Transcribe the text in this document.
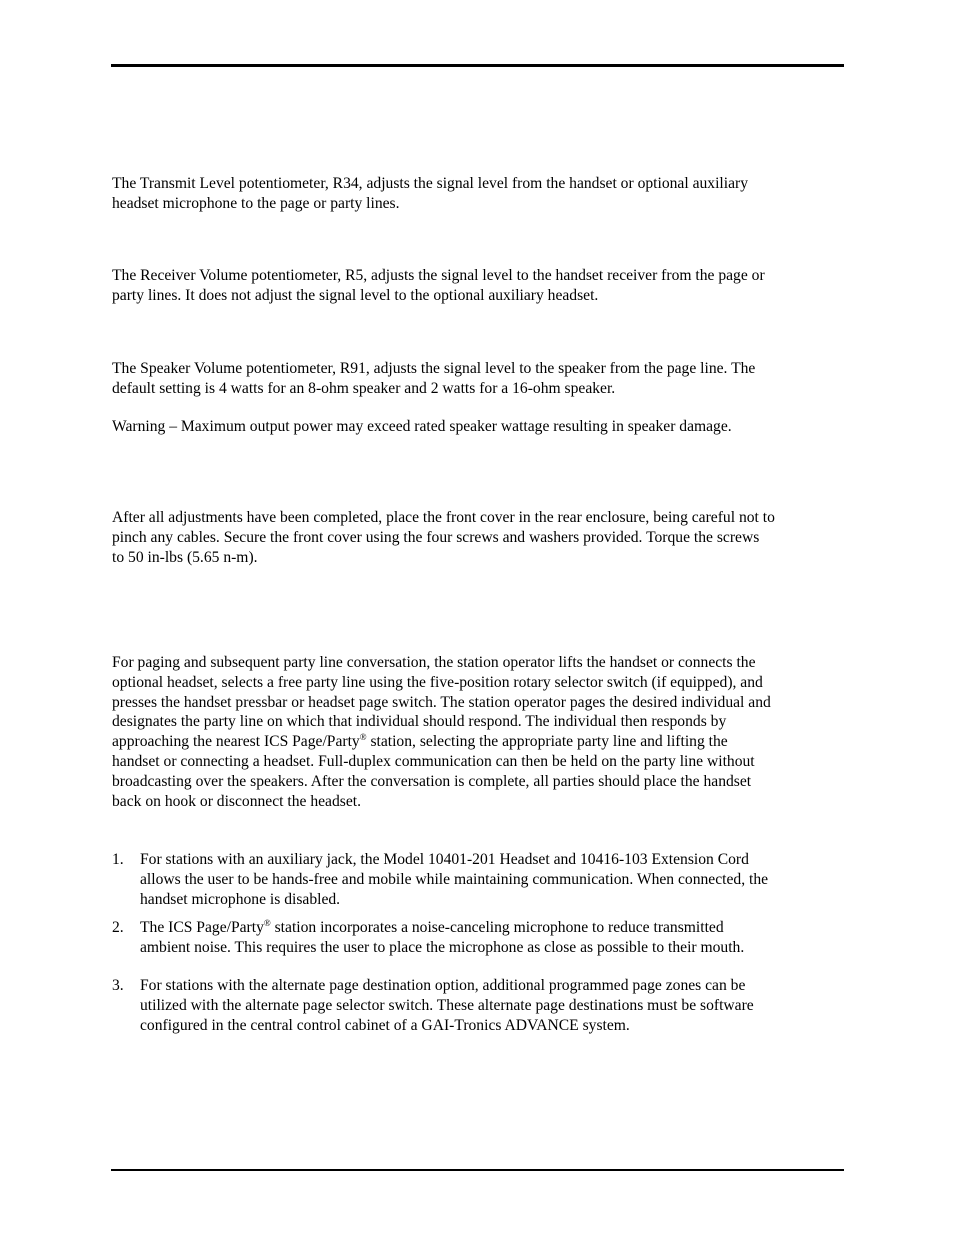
The Transmit Level potentiometer, R34, adjusts the signal level from the handset or optional auxiliary
headset microphone to the page or party lines.

The Receiver Volume potentiometer, R5, adjusts the signal level to the handset receiver from the page or
party lines. It does not adjust the signal level to the optional auxiliary headset.

The Speaker Volume potentiometer, R91, adjusts the signal level to the speaker from the page line. The
default setting is 4 watts for an 8-ohm speaker and 2 watts for a 16-ohm speaker.

Warning – Maximum output power may exceed rated speaker wattage resulting in speaker damage.

After all adjustments have been completed, place the front cover in the rear enclosure, being careful not to
pinch any cables. Secure the front cover using the four screws and washers provided. Torque the screws
to 50 in-lbs (5.65 n-m).

For paging and subsequent party line conversation, the station operator lifts the handset or connects the
optional headset, selects a free party line using the five-position rotary selector switch (if equipped), and
presses the handset pressbar or headset page switch. The station operator pages the desired individual and
designates the party line on which that individual should respond. The individual then responds by
approaching the nearest ICS Page/Party® station, selecting the appropriate party line and lifting the
handset or connecting a headset. Full-duplex communication can then be held on the party line without
broadcasting over the speakers. After the conversation is complete, all parties should place the handset
back on hook or disconnect the headset.

1. For stations with an auxiliary jack, the Model 10401-201 Headset and 10416-103 Extension Cord
allows the user to be hands-free and mobile while maintaining communication. When connected, the
handset microphone is disabled.
2. The ICS Page/Party® station incorporates a noise-canceling microphone to reduce transmitted
ambient noise. This requires the user to place the microphone as close as possible to their mouth.
3. For stations with the alternate page destination option, additional programmed page zones can be
utilized with the alternate page selector switch. These alternate page destinations must be software
configured in the central control cabinet of a GAI-Tronics ADVANCE system.
